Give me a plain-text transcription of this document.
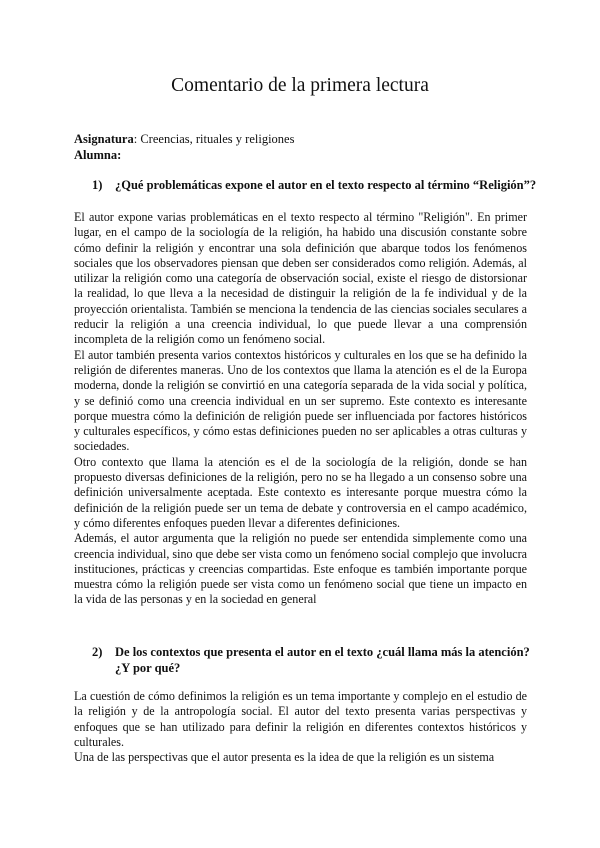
Comentario de la primera lectura
Asignatura: Creencias, rituales y religiones
Alumna:
1)	¿Qué problemáticas expone el autor en el texto respecto al término “Religión”?

El autor expone varias problemáticas en el texto respecto al término "Religión". En primer lugar, en el campo de la sociología de la religión, ha habido una discusión constante sobre cómo definir la religión y encontrar una sola definición que abarque todos los fenómenos sociales que los observadores piensan que deben ser considerados como religión. Además, al utilizar la religión como una categoría de observación social, existe el riesgo de distorsionar la realidad, lo que lleva a la necesidad de distinguir la religión de la fe individual y de la proyección orientalista. También se menciona la tendencia de las ciencias sociales seculares a reducir la religión a una creencia individual, lo que puede llevar a una comprensión incompleta de la religión como un fenómeno social.

El autor también presenta varios contextos históricos y culturales en los que se ha definido la religión de diferentes maneras. Uno de los contextos que llama la atención es el de la Europa moderna, donde la religión se convirtió en una categoría separada de la vida social y política, y se definió como una creencia individual en un ser supremo. Este contexto es interesante porque muestra cómo la definición de religión puede ser influenciada por factores históricos y culturales específicos, y cómo estas definiciones pueden no ser aplicables a otras culturas y sociedades.

Otro contexto que llama la atención es el de la sociología de la religión, donde se han propuesto diversas definiciones de la religión, pero no se ha llegado a un consenso sobre una definición universalmente aceptada. Este contexto es interesante porque muestra cómo la definición de la religión puede ser un tema de debate y controversia en el campo académico, y cómo diferentes enfoques pueden llevar a diferentes definiciones.

Además, el autor argumenta que la religión no puede ser entendida simplemente como una creencia individual, sino que debe ser vista como un fenómeno social complejo que involucra instituciones, prácticas y creencias compartidas. Este enfoque es también importante porque muestra cómo la religión puede ser vista como un fenómeno social que tiene un impacto en la vida de las personas y en la sociedad en general

2)	De los contextos que presenta el autor en el texto ¿cuál llama más la atención? ¿Y por qué?

La cuestión de cómo definimos la religión es un tema importante y complejo en el estudio de la religión y de la antropología social. El autor del texto presenta varias perspectivas y enfoques que se han utilizado para definir la religión en diferentes contextos históricos y culturales.

Una de las perspectivas que el autor presenta es la idea de que la religión es un sistema
